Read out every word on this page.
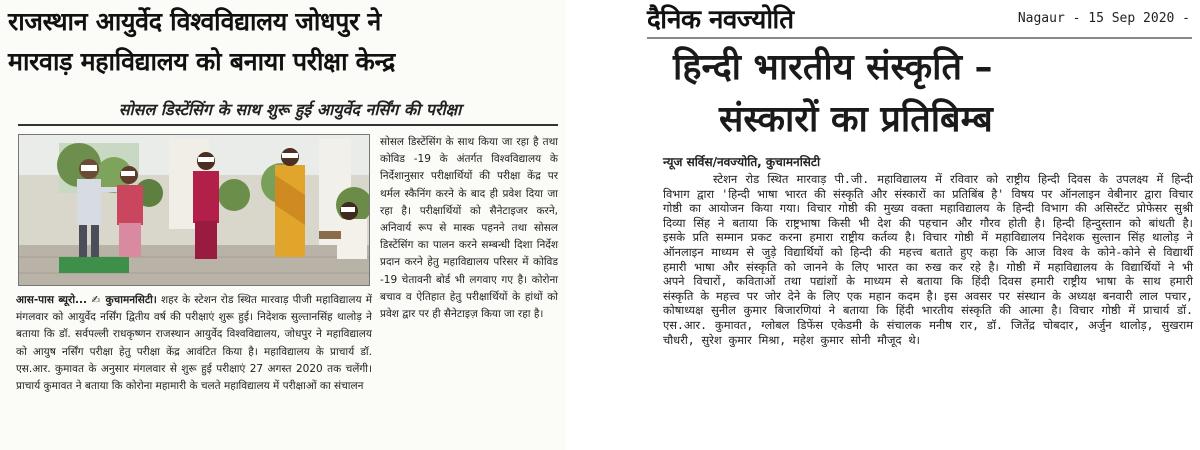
राजस्थान आयुर्वेद विश्वविद्यालय जोधपुर ने
मारवाड़ महाविद्यालय को बनाया परीक्षा केन्द्र
सोसल डिस्टेंसिंग के साथ शुरू हुई आयुर्वेद नर्सिंग की परीक्षा
सोसल डिस्टेंसिंग के साथ किया जा रहा है तथा कोविड -19 के अंतर्गत विश्वविद्यालय के निर्देशानुसार परीक्षार्थियों की परीक्षा केंद्र पर थर्मल स्कैनिंग करने के बाद ही प्रवेश दिया जा रहा है। परीक्षार्थियों को सैनेटाइजर करने, अनिवार्य रूप से मास्क पहनने तथा सोसल डिस्टेंसिंग का पालन करने सम्बन्धी दिशा निर्देश प्रदान करने हेतु महाविद्यालय परिसर में कोविड -19 चेतावनी बोर्ड भी लगवाए गए है। कोरोना बचाव व ऐतिहात हेतु परीक्षार्थियों के हांथों को प्रवेश द्वार पर ही सैनेटाइज़ किया जा रहा है।
आस-पास ब्यूरो... ✍ कुचामनसिटी। शहर के स्टेशन रोड स्थित मारवाड़ पीजी महाविद्यालय में मंगलवार को आयुर्वेद नर्सिंग द्वितीय वर्ष की परीक्षाएं शुरू हुई। निदेशक सुल्तानसिंह थालोड़ ने बताया कि डॉ. सर्वपल्ली राधकृष्णन राजस्थान आयुर्वेद विश्वविद्यालय, जोधपुर ने महाविद्यालय को आयुष नर्सिंग परीक्षा हेतु परीक्षा केंद्र आवंटित किया है। महाविद्यालय के प्राचार्य डॉ. एस.आर. कुमावत के अनुसार मंगलवार से शुरू हुई परीक्षाएं 27 अगस्त 2020 तक चलेंगी। प्राचार्य कुमावत ने बताया कि कोरोना महामारी के चलते महाविद्यालय में परीक्षाओं का संचालन
दैनिक नवज्योति	Nagaur - 15 Sep 2020 -
हिन्दी भारतीय संस्कृति –
संस्कारों का प्रतिबिम्ब
न्यूज सर्विस/नवज्योति, कुचामनसिटी

स्टेशन रोड स्थित मारवाड़ पी.जी. महाविद्यालय में रविवार को राष्ट्रीय हिन्दी दिवस के उपलक्ष्य में हिन्दी विभाग द्वारा 'हिन्दी भाषा भारत की संस्कृति और संस्कारों का प्रतिबिंब है' विषय पर ऑनलाइन वेबीनार द्वारा विचार गोष्ठी का आयोजन किया गया। विचार गोष्ठी की मुख्य वक्ता महाविद्यालय के हिन्दी विभाग की असिस्टेंट प्रोफेसर सुश्री दिव्या सिंह ने बताया कि राष्ट्रभाषा किसी भी देश की पहचान और गौरव होती है। हिन्दी हिन्दुस्तान को बांधती है। इसके प्रति सम्मान प्रकट करना हमारा राष्ट्रीय कर्तव्य है। विचार गोष्ठी में महाविद्यालय निदेशक सुल्तान सिंह थालोड़ ने ऑनलाइन माध्यम से जुड़े विद्यार्थियों को हिन्दी की महत्त्व बताते हुए कहा कि आज विश्व के कोने-कोने से विद्यार्थी हमारी भाषा और संस्कृति को जानने के लिए भारत का रुख कर रहे है। गोष्ठी में महाविद्यालय के विद्यार्थियों ने भी अपने विचारों, कविताओं तथा पद्यांशों के माध्यम से बताया कि हिंदी दिवस हमारी राष्ट्रीय भाषा के साथ हमारी संस्कृति के महत्त्व पर जोर देने के लिए एक महान कदम है। इस अवसर पर संस्थान के अध्यक्ष बनवारी लाल पचार, कोषाध्यक्ष सुनील कुमार बिजारणियां ने बताया कि हिंदी भारतीय संस्कृति की आत्मा है। विचार गोष्ठी में प्राचार्य डॉ. एस.आर. कुमावत, ग्लोबल डिफेंस एकेडमी के संचालक मनीष रार, डॉ. जितेंद्र चोबदार, अर्जुन थालोड़, सुखराम चौधरी, सुरेश कुमार मिश्रा, महेश कुमार सोनी मौजूद थे।
